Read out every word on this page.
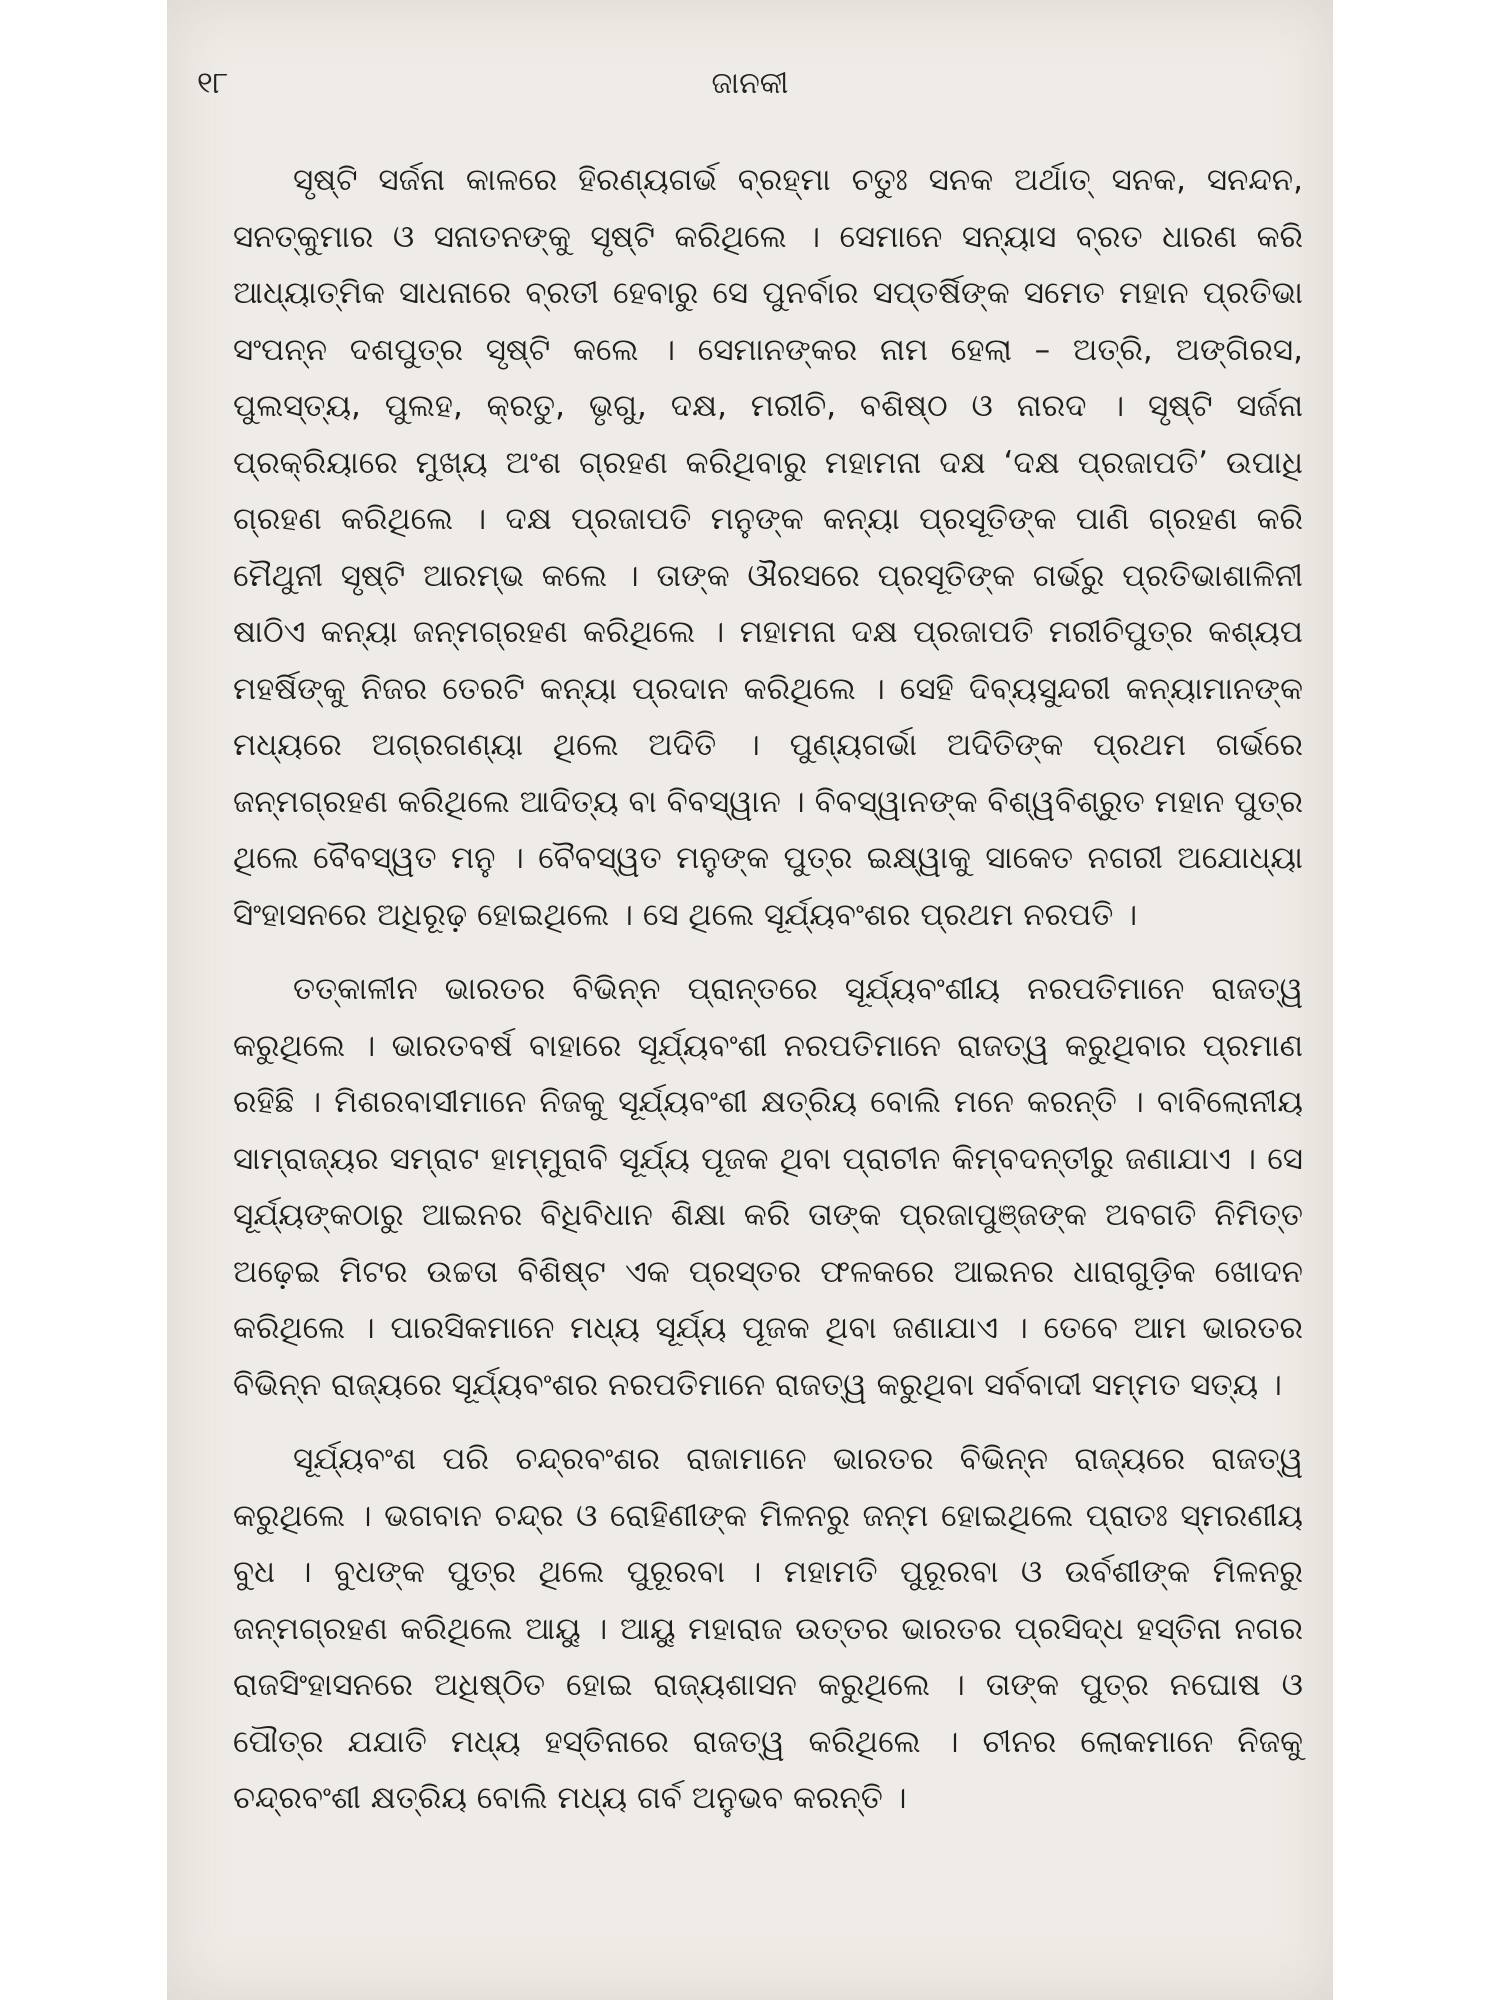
୧୮	ଜାନକୀ

ସୃଷ୍ଟି ସର୍ଜନା କାଳରେ ହିରଣ୍ୟଗର୍ଭ ବ୍ରହ୍ମା ଚତୁଃ ସନକ ଅର୍ଥାତ୍ ସନକ, ସନନ୍ଦନ, ସନତ୍କୁମାର ଓ ସନାତନଙ୍କୁ ସୃଷ୍ଟି କରିଥିଲେ । ସେମାନେ ସନ୍ୟାସ ବ୍ରତ ଧାରଣ କରି ଆଧ୍ୟାତ୍ମିକ ସାଧନାରେ ବ୍ରତୀ ହେବାରୁ ସେ ପୁନର୍ବାର ସପ୍ତର୍ଷିଙ୍କ ସମେତ ମହାନ ପ୍ରତିଭା ସଂପନ୍ନ ଦଶପୁତ୍ର ସୃଷ୍ଟି କଲେ । ସେମାନଙ୍କର ନାମ ହେଲା – ଅତ୍ରି, ଅଙ୍ଗିରସ, ପୁଲସ୍ତ୍ୟ, ପୁଲହ, କ୍ରତୁ, ଭୃଗୁ, ଦକ୍ଷ, ମରୀଚି, ବଶିଷ୍ଠ ଓ ନାରଦ । ସୃଷ୍ଟି ସର୍ଜନା ପ୍ରକ୍ରିୟାରେ ମୁଖ୍ୟ ଅଂଶ ଗ୍ରହଣ କରିଥିବାରୁ ମହାମନା ଦକ୍ଷ ‘ଦକ୍ଷ ପ୍ରଜାପତି’ ଉପାଧି ଗ୍ରହଣ କରିଥିଲେ । ଦକ୍ଷ ପ୍ରଜାପତି ମନୁଙ୍କ କନ୍ୟା ପ୍ରସୂତିଙ୍କ ପାଣି ଗ୍ରହଣ କରି ମୈଥୁନୀ ସୃଷ୍ଟି ଆରମ୍ଭ କଲେ । ତାଙ୍କ ଔରସରେ ପ୍ରସୂତିଙ୍କ ଗର୍ଭରୁ ପ୍ରତିଭାଶାଳିନୀ ଷାଠିଏ କନ୍ୟା ଜନ୍ମଗ୍ରହଣ କରିଥିଲେ । ମହାମନା ଦକ୍ଷ ପ୍ରଜାପତି ମରୀଚିପୁତ୍ର କଶ୍ୟପ ମହର୍ଷିଙ୍କୁ ନିଜର ତେରଟି କନ୍ୟା ପ୍ରଦାନ କରିଥିଲେ । ସେହି ଦିବ୍ୟସୁନ୍ଦରୀ କନ୍ୟାମାନଙ୍କ ମଧ୍ୟରେ ଅଗ୍ରଗଣ୍ୟା ଥିଲେ ଅଦିତି । ପୁଣ୍ୟଗର୍ଭା ଅଦିତିଙ୍କ ପ୍ରଥମ ଗର୍ଭରେ ଜନ୍ମଗ୍ରହଣ କରିଥିଲେ ଆଦିତ୍ୟ ବା ବିବସ୍ୱାନ । ବିବସ୍ୱାନଙ୍କ ବିଶ୍ୱବିଶ୍ରୁତ ମହାନ ପୁତ୍ର ଥିଲେ ବୈବସ୍ୱତ ମନୁ । ବୈବସ୍ୱତ ମନୁଙ୍କ ପୁତ୍ର ଇକ୍ଷ୍ୱାକୁ ସାକେତ ନଗରୀ ଅଯୋଧ୍ୟା ସିଂହାସନରେ ଅଧିରୂଢ଼ ହୋଇଥିଲେ । ସେ ଥିଲେ ସୂର୍ଯ୍ୟବଂଶର ପ୍ରଥମ ନରପତି ।

ତତ୍କାଳୀନ ଭାରତର ବିଭିନ୍ନ ପ୍ରାନ୍ତରେ ସୂର୍ଯ୍ୟବଂଶୀୟ ନରପତିମାନେ ରାଜତ୍ୱ କରୁଥିଲେ । ଭାରତବର୍ଷ ବାହାରେ ସୂର୍ଯ୍ୟବଂଶୀ ନରପତିମାନେ ରାଜତ୍ୱ କରୁଥିବାର ପ୍ରମାଣ ରହିଛି । ମିଶରବାସୀମାନେ ନିଜକୁ ସୂର୍ଯ୍ୟବଂଶୀ କ୍ଷତ୍ରିୟ ବୋଲି ମନେ କରନ୍ତି । ବାବିଲୋନୀୟ ସାମ୍ରାଜ୍ୟର ସମ୍ରାଟ ହାମ୍ମୁରାବି ସୂର୍ଯ୍ୟ ପୂଜକ ଥିବା ପ୍ରାଚୀନ କିମ୍ବଦନ୍ତୀରୁ ଜଣାଯାଏ । ସେ ସୂର୍ଯ୍ୟଙ୍କଠାରୁ ଆଇନର ବିଧିବିଧାନ ଶିକ୍ଷା କରି ତାଙ୍କ ପ୍ରଜାପୁଞ୍ଜଙ୍କ ଅବଗତି ନିମିତ୍ତ ଅଢ଼େଇ ମିଟର ଉଚ୍ଚତା ବିଶିଷ୍ଟ ଏକ ପ୍ରସ୍ତର ଫଳକରେ ଆଇନର ଧାରାଗୁଡ଼ିକ ଖୋଦନ କରିଥିଲେ । ପାରସିକମାନେ ମଧ୍ୟ ସୂର୍ଯ୍ୟ ପୂଜକ ଥିବା ଜଣାଯାଏ । ତେବେ ଆମ ଭାରତର ବିଭିନ୍ନ ରାଜ୍ୟରେ ସୂର୍ଯ୍ୟବଂଶର ନରପତିମାନେ ରାଜତ୍ୱ କରୁଥିବା ସର୍ବବାଦୀ ସମ୍ମତ ସତ୍ୟ ।

ସୂର୍ଯ୍ୟବଂଶ ପରି ଚନ୍ଦ୍ରବଂଶର ରାଜାମାନେ ଭାରତର ବିଭିନ୍ନ ରାଜ୍ୟରେ ରାଜତ୍ୱ କରୁଥିଲେ । ଭଗବାନ ଚନ୍ଦ୍ର ଓ ରୋହିଣୀଙ୍କ ମିଳନରୁ ଜନ୍ମ ହୋଇଥିଲେ ପ୍ରାତଃ ସ୍ମରଣୀୟ ବୁଧ । ବୁଧଙ୍କ ପୁତ୍ର ଥିଲେ ପୁରୂରବା । ମହାମତି ପୁରୂରବା ଓ ଉର୍ବଶୀଙ୍କ ମିଳନରୁ ଜନ୍ମଗ୍ରହଣ କରିଥିଲେ ଆୟୁ । ଆୟୁ ମହାରାଜ ଉତ୍ତର ଭାରତର ପ୍ରସିଦ୍ଧ ହସ୍ତିନା ନଗର ରାଜସିଂହାସନରେ ଅଧିଷ୍ଠିତ ହୋଇ ରାଜ୍ୟଶାସନ କରୁଥିଲେ । ତାଙ୍କ ପୁତ୍ର ନଘୋଷ ଓ ପୌତ୍ର ଯଯାତି ମଧ୍ୟ ହସ୍ତିନାରେ ରାଜତ୍ୱ କରିଥିଲେ । ଚୀନର ଲୋକମାନେ ନିଜକୁ ଚନ୍ଦ୍ରବଂଶୀ କ୍ଷତ୍ରିୟ ବୋଲି ମଧ୍ୟ ଗର୍ବ ଅନୁଭବ କରନ୍ତି ।
